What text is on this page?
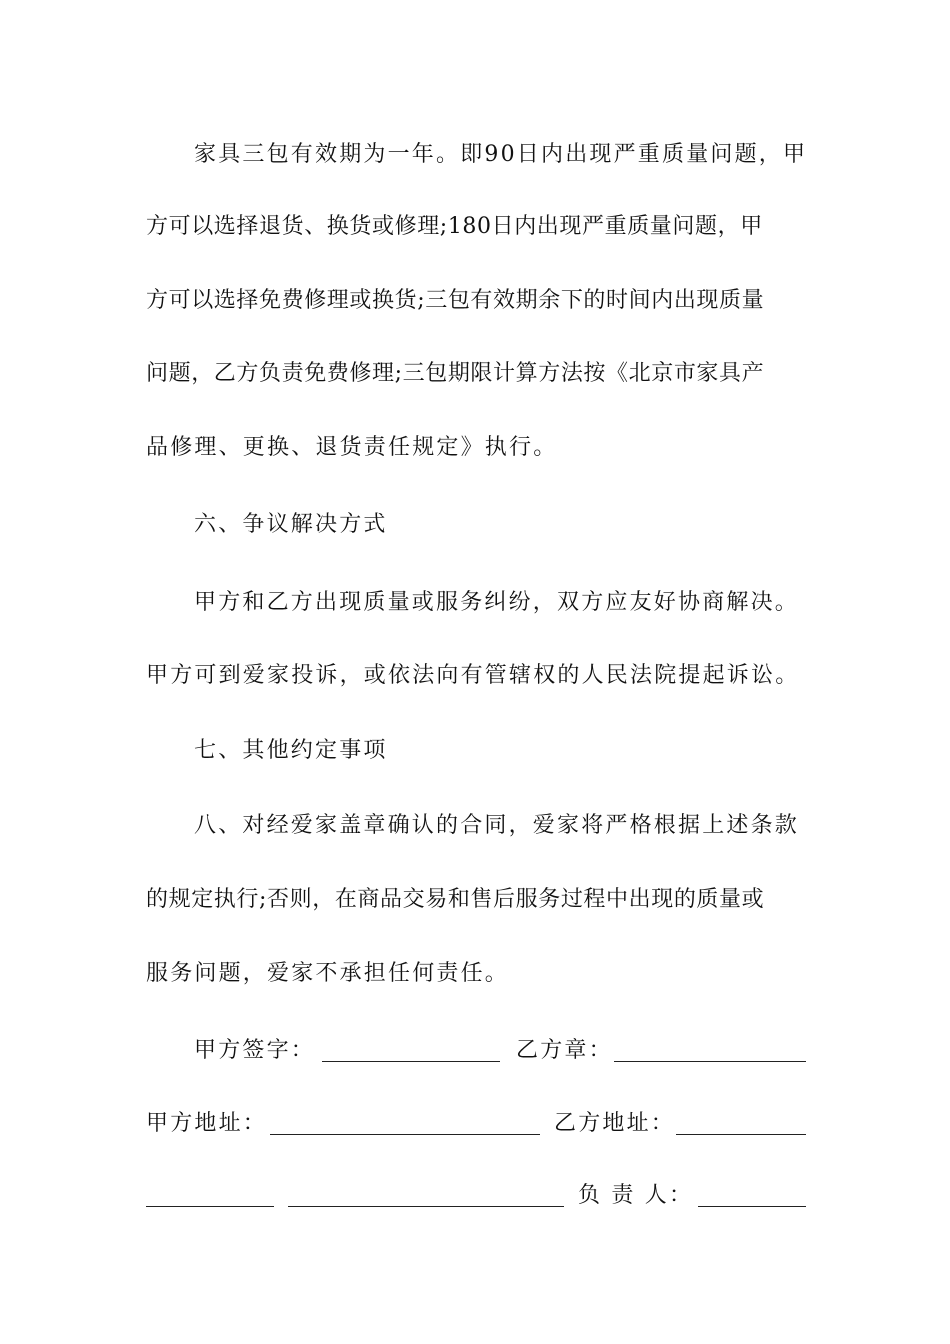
家具三包有效期为一年。即90日内出现严重质量问题，甲
方可以选择退货、换货或修理;180日内出现严重质量问题，甲
方可以选择免费修理或换货;三包有效期余下的时间内出现质量
问题，乙方负责免费修理;三包期限计算方法按《北京市家具产
品修理、更换、退货责任规定》执行。
六、争议解决方式
甲方和乙方出现质量或服务纠纷，双方应友好协商解决。
甲方可到爱家投诉，或依法向有管辖权的人民法院提起诉讼。
七、其他约定事项
八、对经爱家盖章确认的合同，爱家将严格根据上述条款
的规定执行;否则，在商品交易和售后服务过程中出现的质量或
服务问题，爱家不承担任何责任。
甲方签字：	乙方章：
甲方地址：	乙方地址：
负 责 人：
